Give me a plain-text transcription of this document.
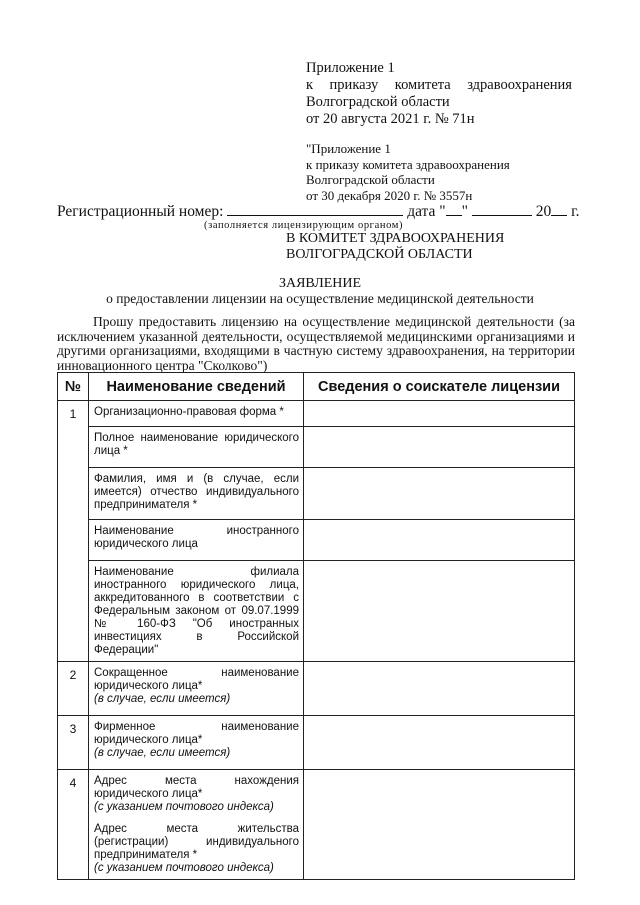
Приложение 1
к приказу комитета здравоохранения
Волгоградской области
от 20 августа 2021 г. № 71н
"Приложение 1
к приказу комитета здравоохранения
Волгоградской области
от 30 декабря 2020 г. № 3557н
Регистрационный номер:	дата " "	20 г.
(заполняется лицензирующим органом)
В КОМИТЕТ ЗДРАВООХРАНЕНИЯ
ВОЛГОГРАДСКОЙ ОБЛАСТИ
ЗАЯВЛЕНИЕ
о предоставлении лицензии на осуществление медицинской деятельности
Прошу предоставить лицензию на осуществление медицинской деятельности (за исключением указанной деятельности, осуществляемой медицинскими организациями и другими организациями, входящими в частную систему здравоохранения, на территории инновационного центра "Сколково")
№	Наименование сведений	Сведения о соискателе лицензии
1	Организационно-правовая форма *	
	Полное наименование юридического лица *	
	Фамилия, имя и (в случае, если имеется) отчество индивидуального предпринимателя *	
	Наименование иностранного юридического лица	
	Наименование филиала иностранного юридического лица, аккредитованного в соответствии с Федеральным законом от 09.07.1999 № 160-ФЗ "Об иностранных инвестициях в Российской Федерации"	
2	Сокращенное наименование юридического лица*
(в случае, если имеется)	

3	Фирменное наименование юридического лица*
(в случае, если имеется)	

4	Адрес места нахождения юридического лица*
(с указанием почтового индекса)
Адрес места жительства (регистрации) индивидуального предпринимателя *
(с указанием почтового индекса)	
